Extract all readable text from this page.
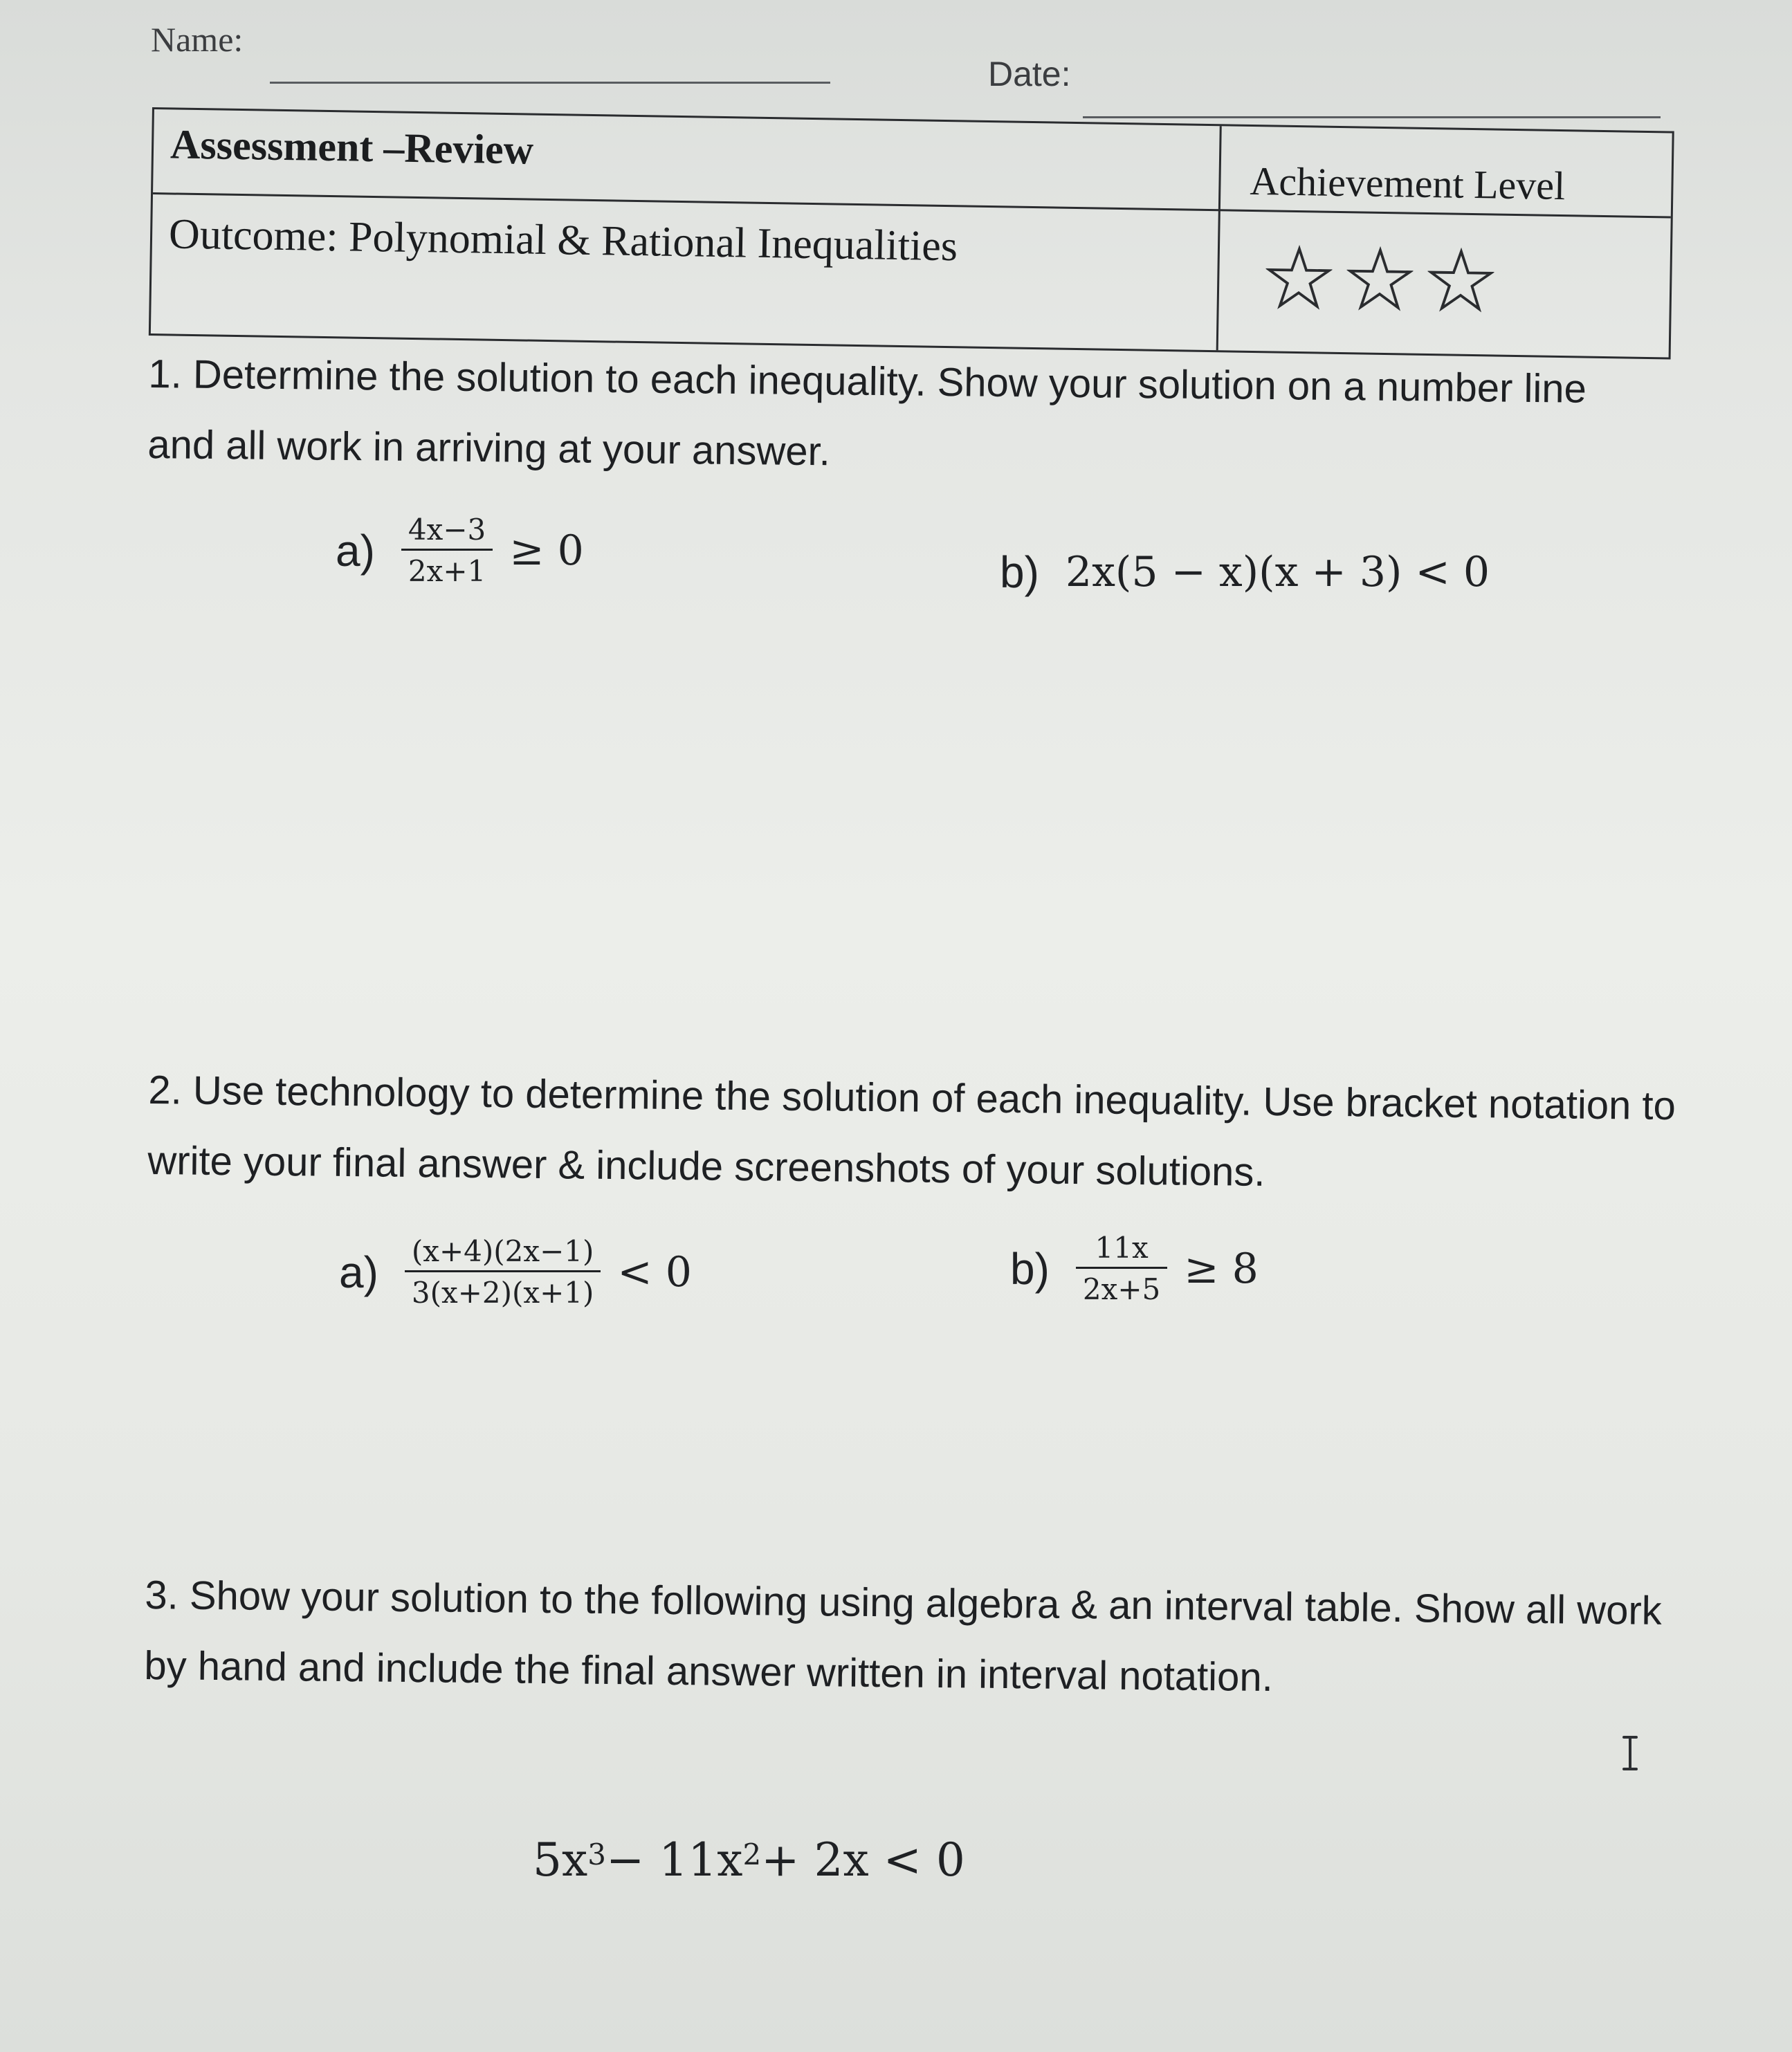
Name:
Date:
Assessment –Review
Achievement Level
Outcome: Polynomial & Rational Inequalities
1. Determine the solution to each inequality. Show your solution on a number line and all work in arriving at your answer.
$a) \frac{4x-3}{2x+1} \ge 0$	b) 2x(5 − x)(x + 3) < 0
2. Use technology to determine the solution of each inequality. Use bracket notation to write your final answer & include screenshots of your solutions.
$a) \frac{(x+4)(2x-1)}{3(x+2)(x+1)} < 0$	$b) \frac{11x}{2x+5} \ge 8$
3. Show your solution to the following using algebra & an interval table. Show all work by hand and include the final answer written in interval notation.
$5x^3 - 11x^2 + 2x < 0$
